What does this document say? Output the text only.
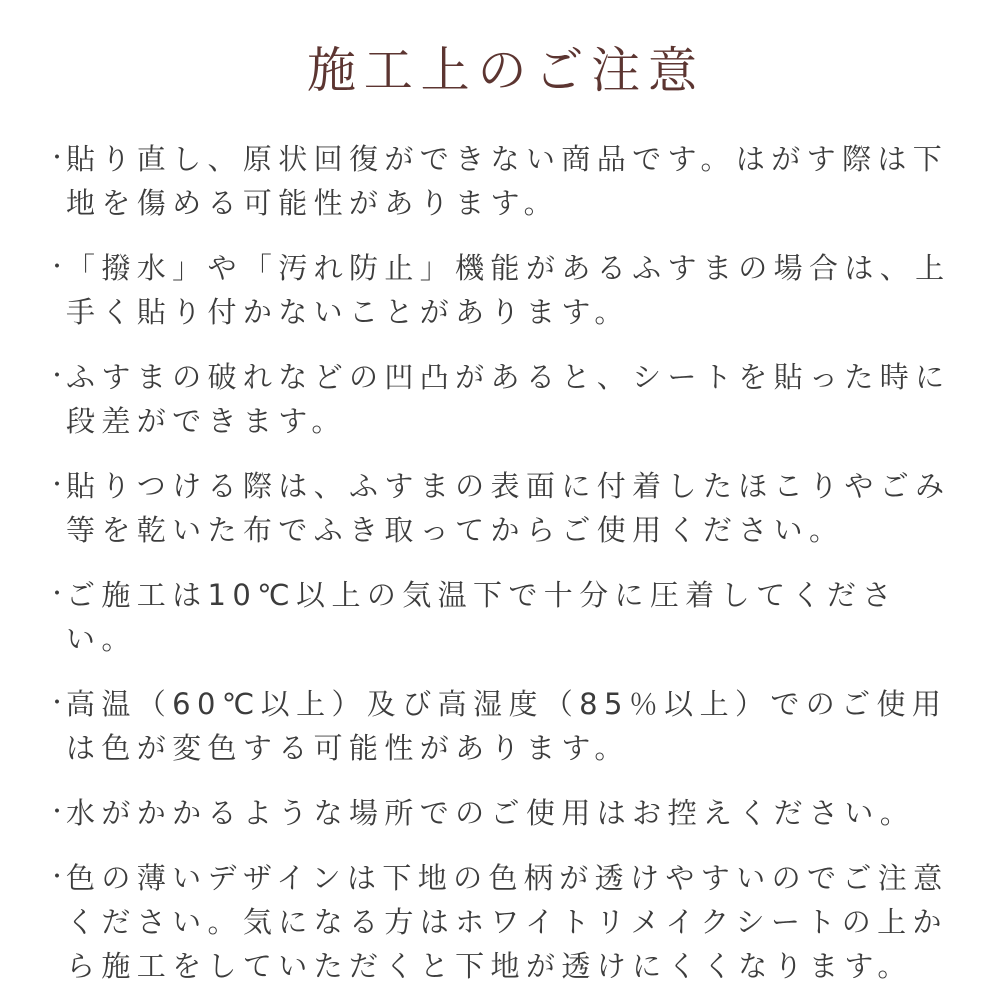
施工上のご注意
・
貼り直し、原状回復ができない商品です。はがす際は下地を傷める可能性があります。
・
「撥水」や「汚れ防止」機能があるふすまの場合は、上手く貼り付かないことがあります。
・
ふすまの破れなどの凹凸があると、シートを貼った時に段差ができます。
・
貼りつける際は、ふすまの表面に付着したほこりやごみ等を乾いた布でふき取ってからご使用ください。
・
ご施工は10℃以上の気温下で十分に圧着してください。
・
高温（60℃以上）及び高湿度（85％以上）でのご使用は色が変色する可能性があります。
・
水がかかるような場所でのご使用はお控えください。
・
色の薄いデザインは下地の色柄が透けやすいのでご注意ください。気になる方はホワイトリメイクシートの上から施工をしていただくと下地が透けにくくなります。
